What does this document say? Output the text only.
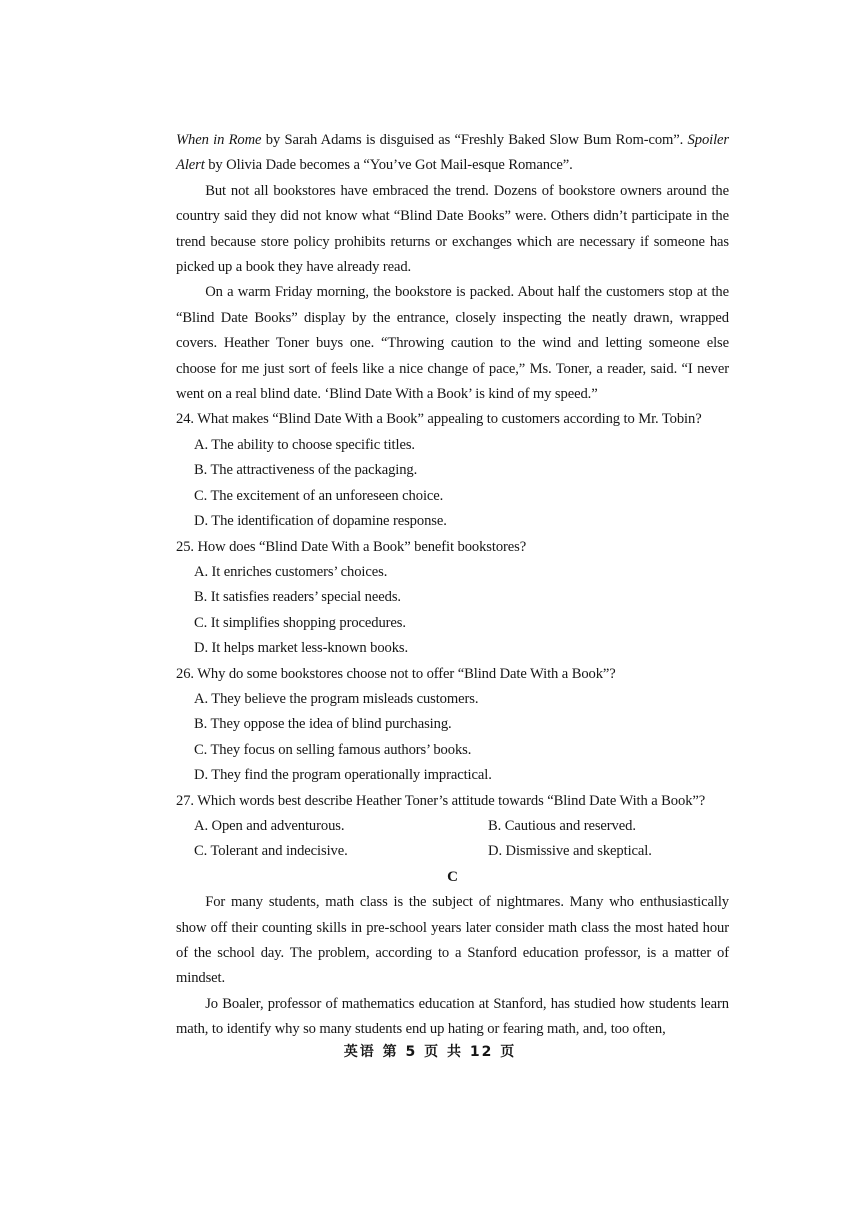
When in Rome by Sarah Adams is disguised as “Freshly Baked Slow Bum Rom-com”. Spoiler Alert by Olivia Dade becomes a “You’ve Got Mail-esque Romance”.

But not all bookstores have embraced the trend. Dozens of bookstore owners around the country said they did not know what “Blind Date Books” were. Others didn’t participate in the trend because store policy prohibits returns or exchanges which are necessary if someone has picked up a book they have already read.

On a warm Friday morning, the bookstore is packed. About half the customers stop at the “Blind Date Books” display by the entrance, closely inspecting the neatly drawn, wrapped covers. Heather Toner buys one. “Throwing caution to the wind and letting someone else choose for me just sort of feels like a nice change of pace,” Ms. Toner, a reader, said. “I never went on a real blind date. ‘Blind Date With a Book’ is kind of my speed.”

24. What makes “Blind Date With a Book” appealing to customers according to Mr. Tobin?

A. The ability to choose specific titles.

B. The attractiveness of the packaging.

C. The excitement of an unforeseen choice.

D. The identification of dopamine response.

25. How does “Blind Date With a Book” benefit bookstores?

A. It enriches customers’ choices.

B. It satisfies readers’ special needs.

C. It simplifies shopping procedures.

D. It helps market less-known books.

26. Why do some bookstores choose not to offer “Blind Date With a Book”?

A. They believe the program misleads customers.

B. They oppose the idea of blind purchasing.

C. They focus on selling famous authors’ books.

D. They find the program operationally impractical.

27. Which words best describe Heather Toner’s attitude towards “Blind Date With a Book”?

A. Open and adventurous.	B. Cautious and reserved.

C. Tolerant and indecisive.	D. Dismissive and skeptical.

C

For many students, math class is the subject of nightmares. Many who enthusiastically show off their counting skills in pre-school years later consider math class the most hated hour of the school day. The problem, according to a Stanford education professor, is a matter of mindset.

Jo Boaler, professor of mathematics education at Stanford, has studied how students learn math, to identify why so many students end up hating or fearing math, and, too often,

英语 第 5 页 共 12 页
